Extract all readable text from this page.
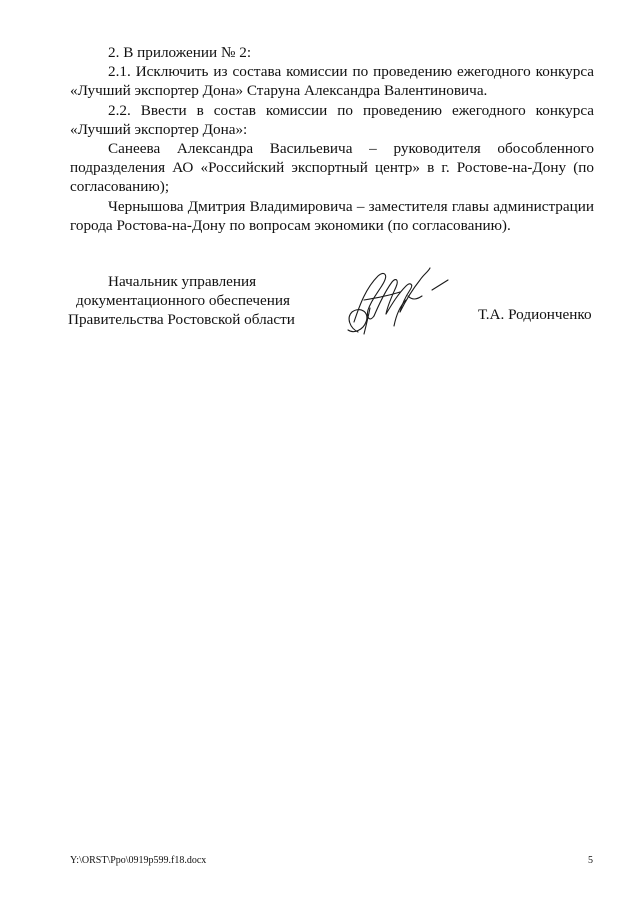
2. В приложении № 2:

2.1. Исключить из состава комиссии по проведению ежегодного конкурса «Лучший экспортер Дона» Старуна Александра Валентиновича.

2.2. Ввести в состав комиссии по проведению ежегодного конкурса «Лучший экспортер Дона»:

Санеева Александра Васильевича – руководителя обособленного подразделения АО «Российский экспортный центр» в г. Ростове-на-Дону (по согласованию);

Чернышова Дмитрия Владимировича – заместителя главы администрации города Ростова-на-Дону по вопросам экономики (по согласованию).

Начальник управления
документационного обеспечения
Правительства Ростовской области	Т.А. Родионченко
Y:\ORST\Ppo\0919p599.f18.docx	5
